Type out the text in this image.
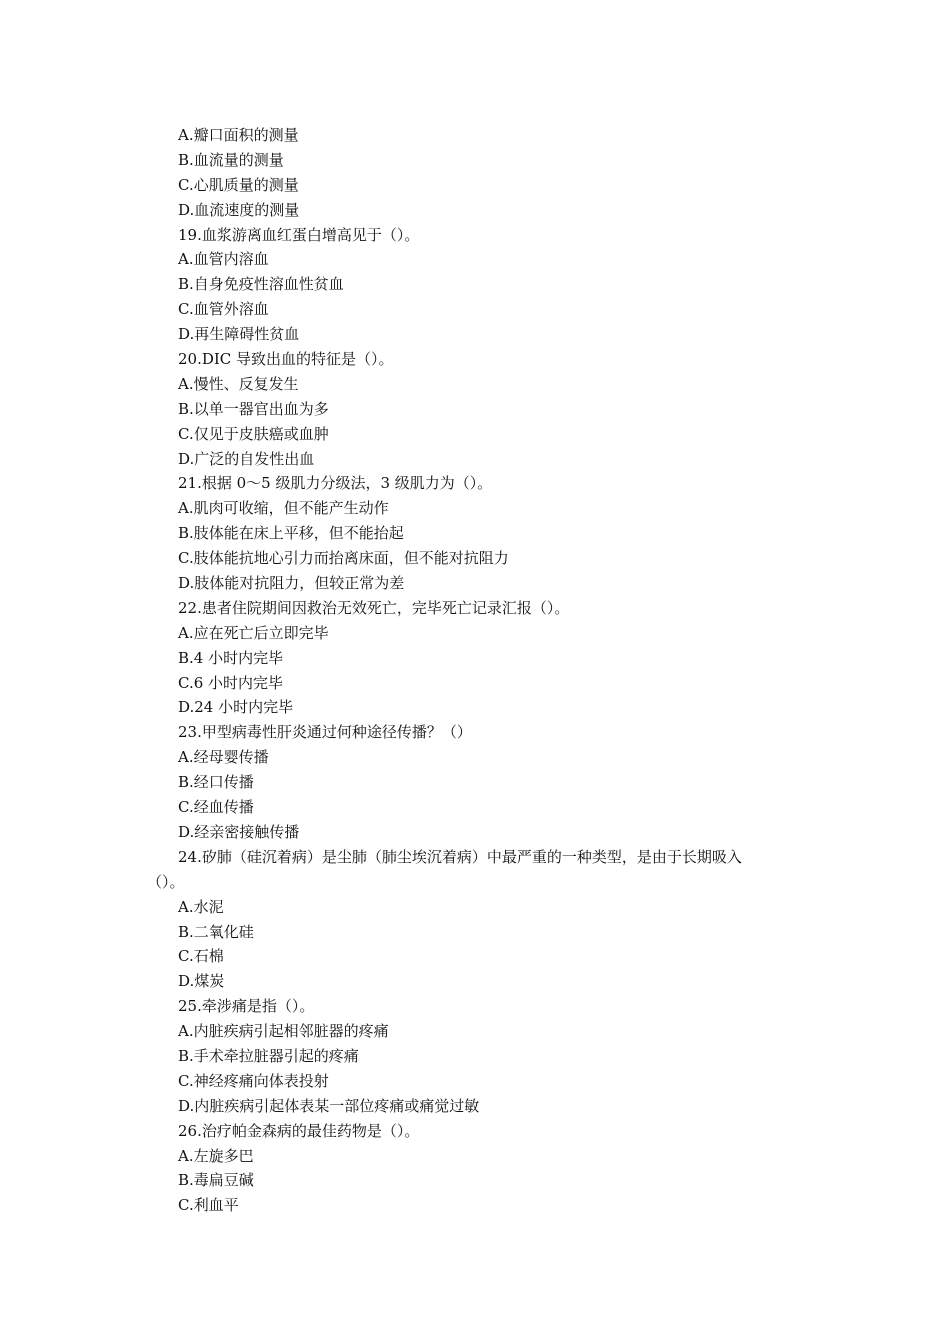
A.瓣口面积的测量
B.血流量的测量
C.心肌质量的测量
D.血流速度的测量
19.血浆游离血红蛋白增高见于（）。
A.血管内溶血
B.自身免疫性溶血性贫血
C.血管外溶血
D.再生障碍性贫血
20.DIC 导致出血的特征是（）。
A.慢性、反复发生
B.以单一器官出血为多
C.仅见于皮肤癌或血肿
D.广泛的自发性出血
21.根据 0～5 级肌力分级法，3 级肌力为（）。
A.肌肉可收缩，但不能产生动作
B.肢体能在床上平移，但不能抬起
C.肢体能抗地心引力而抬离床面，但不能对抗阻力
D.肢体能对抗阻力，但较正常为差
22.患者住院期间因救治无效死亡，完毕死亡记录汇报（）。
A.应在死亡后立即完毕
B.4 小时内完毕
C.6 小时内完毕
D.24 小时内完毕
23.甲型病毒性肝炎通过何种途径传播？（）
A.经母婴传播
B.经口传播
C.经血传播
D.经亲密接触传播
24.矽肺（硅沉着病）是尘肺（肺尘埃沉着病）中最严重的一种类型，是由于长期吸入
（）。
A.水泥
B.二氧化硅
C.石棉
D.煤炭
25.牵涉痛是指（）。
A.内脏疾病引起相邻脏器的疼痛
B.手术牵拉脏器引起的疼痛
C.神经疼痛向体表投射
D.内脏疾病引起体表某一部位疼痛或痛觉过敏
26.治疗帕金森病的最佳药物是（）。
A.左旋多巴
B.毒扁豆碱
C.利血平
